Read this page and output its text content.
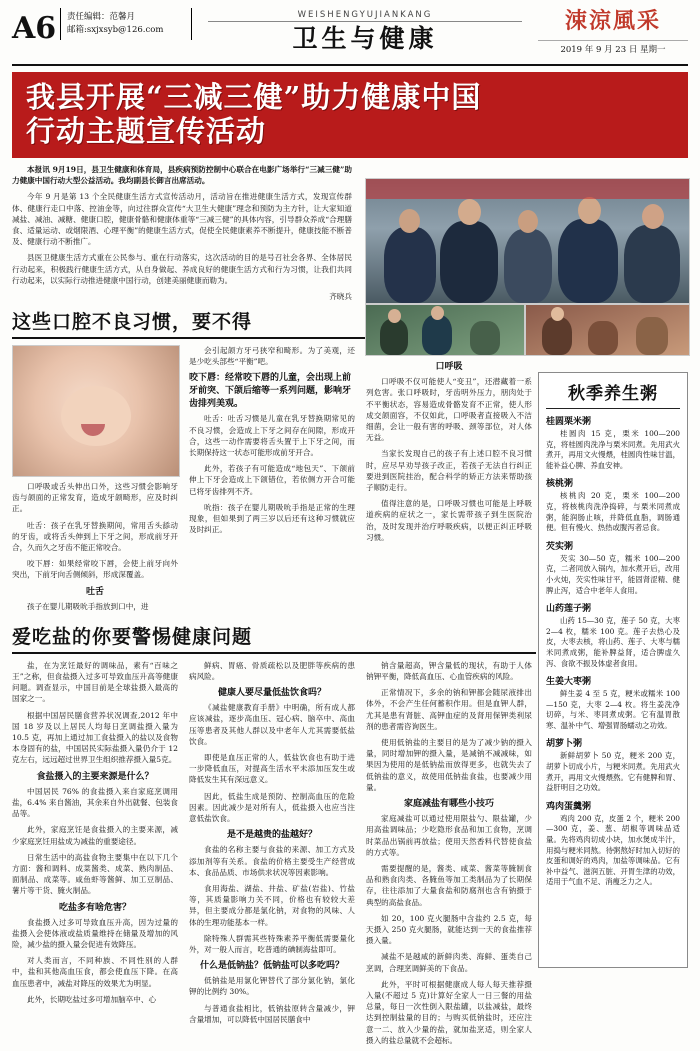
A6	责任编辑：范馨月
邮箱:sxjxsyb@126.com
WEISHENGYUJIANKANG
卫生与健康
涑涼風采
2019 年 9 月 23 日 星期一
我县开展“三减三健”助力健康中国
行动主题宣传活动

本报讯 9月19日，县卫生健康和体育局，县疾病预防控制中心联合在电影广场举行“三减三健”助力健康中国行动大型公益活动。我均副县长御言出席活动。

今年 9 月是第 13 个全民健康生活方式宣传活动月，活动旨在推进健康生活方式，发现宣传群体、健康行走口中落、控油金等，向过往群众宣传“大卫生大健康”理念和预防为主方针，让大家知道减盐、减油、减糖、健康口腔，健康骨骼和健康体重等“三减三健”的具体内容，引导群众养成“合理膳食、适量运动、或烟限酒、心理平衡”的健康生活方式，促使全民健康素养不断提升，健康技能不断普及、健康行动不断推广。

县医卫健康生活方式重在公民参与、重在行动落实，这次活动的目的是号召社会各界、全体居民行动起来，积极践行健康生活方式，从自身做起、养成良好的健康生活方式和行为习惯，让我们共同行动起来，以实际行动推进健康中国行动，创建美丽健康而勒为。

齐晓兵

这些口腔不良习惯，要不得

口呼吸或舌头伸出口外，这些习惯会影响牙齿与颌面的正常发育，造成牙颌畸形，应及时纠正。

吐舌：孩子在乳牙替换期间，常用舌头舔动的牙齿，或将舌头伸到上下牙之间，形成前牙开合，久而久之牙齿不能正常咬合。

咬下唇：如果经常咬下唇，会使上前牙向外突出，下前牙向舌侧倾斜，形成深覆盖。

吐舌

孩子在婴儿期吸吮手指放到口中，进

会引起颌方牙弓狭窄和畸形。为了美观，还是少吃头部些“平衡”吧。

咬下唇：经常咬下唇的儿童，会出现上前牙前突、下颌后缩等一系列问题，影响牙齿排列美观。

吐舌：吐舌习惯是儿童在乳牙替换期常见的不良习惯，会造成上下牙之间存在间隙，形成开合，这些一动作需要将舌头置于上下牙之间，而长期保持这一状态可能形成前牙开合。

此外，若孩子有可能造成“地包天”、下颌前伸上下牙会造成上下颌错位，若依侧方开合可能已将牙齿排列不齐。

吮指：孩子在婴儿期吸吮手指是正常的生理现象，但如果到了两三岁以后还有这种习惯就应及时纠正。

口呼吸

口呼吸不仅可能使人“变丑”，还潜藏着一系列危害。张口呼吸时，牙齿明外压力，朋肉处于不平衡状态，容易造成骨骼发育不正常，使人形成交颌面容，不仅如此，口呼吸者直接吸入不洁细菌，会让一般有害的呼吸、颈等部位，对人体无益。

当家长发现自己的孩子有上述口腔不良习惯时，应尽早劝导孩子改正，若孩子无法自行纠正要进到医院挂治，配合科学的矫正方法来帮助孩子顺防走行。

值得注意的是，口呼吸习惯也可能是上呼吸道疾病的症状之一，家长需带孩子到生医院治治，及时发现并治疗呼吸疾病，以便正纠正呼吸习惯。

爱吃盐的你要警惕健康问题

盐，在为烹饪最好的调味品，素有“百味之王”之称，但食盐摄入过多可导致血压升高等健康问题。调查显示，中国目前是全球盐摄入最高的国家之一。

根据中国居民膳食营养状况调查,2012 年中国 18 岁及以上居民人均每日烹调盐摄入量为 10.5 克，再加上通过加工食盐摄入的盐以及食物本身固有的盐，中国居民实际盐摄入量仍介于 12 克左右，远远超过世界卫生组织推荐摄入量5克。

食盐摄入的主要来源是什么？

中国居民 76% 的食盐摄入来自家庭烹调用盐，6.4% 来自酱油，其余来自外出就餐、包装食品等。

此外，家庭烹饪是食盐摄入的主要来源，减少家庭烹饪用盐成为减盐的重要途径。

日常生活中的高盐食物主要集中在以下几个方面：酱和调料、成菜酱类、成菜、熟肉制品、面制品、成菜等。咸鱼虾等酱鲜、加工豆制品、薯片等干货、腌火制品。

吃盐多有啥危害？

食盐摄入过多可导致血压升高，因为过量的盐摄入会使体液或盐质量维持在储量及增加的风险，减少盐的摄入量会促进有效降压。

对人类而言，不同种族、不同性别的人群中，盐和其他高血压食，都会使血压下降。在高血压患者中，减盐对降压的效果尤为明显。

此外，长期吃盐过多可增加脑卒中、心

鲜病、胃癌、骨质疏松以及肥胖等疾病的患病风险。

健康人要尽量低盐饮食吗？

《减盐健康教育手册》中明确，所有成人都应该减盐，逐步高血压、冠心病、脑卒中、高血压等患者及其他人群以及中老年人尤其需要低盐饮食。

即使是血压正常的人，低盐饮食也有助于进一步降低血压，对提高生活水平未添加压发生或降低发生其有深远意义。

因此，低盐生成是预防、控制高血压的危险因素。因此减少是对所有人，低盐摄入也应当注意低盐饮食。

是不是越贵的盐越好？

食盐的名称主要与食盐的来源、加工方式及添加剂等有关系。食盐的价格主要受生产经营成本、食品品质、市场供求状况等因素影响。

食用海盐、湖盐、井盐、矿盐(岩盐)、竹盐等，其质量影响力关不同，价格也有较较大差异，但主要成分都是氯化钠，对食物的风味、人体的生理功能基本一样。

除特殊人群需其些特殊素养平衡低需要量化外，对一般人而言，吃普通的碘制海盐即可。

什么是低钠盐？低钠盐可以多吃吗？

低钠盐是用氯化钾替代了部分氯化钠，氯化钾的比例约 30%。

与普通食盐相比，低钠盐原转含量减少，钾含量增加，可以降低中国居民膳食中

钠含量超高，钾含量低的现状，有助于人体钠钾平衡，降低高血压、心血管疾病的风险。

正常情况下，多余的钠和钾都会随尿液排出体外，不会产生任何蓄积作用。但是血钾人群，尤其是患有肾脏、高钾血症的及肾用保钾类利尿剂的患者需咨询医生。

使用低钠盐的主要目的是为了减少钠的摄入量，同时增加钾的摄入量，是减钠不减减味，如果因为使用的是低钠盐而放得更多，也就失去了低钠盐的意义，故使用低钠盐食盐，也要减少用量。

家庭减盐有哪些小技巧

家庭减盐可以通过使用限盐勺、限盐罐，少用高盐调味品；少吃隐形食品和加工食物，烹调时菜品出锅前再放盐；使用天然香料代替使食盐的方式等。

需要提醒的是，酱类、咸菜、酱菜等腌制食品和熟食肉类、各腌鱼等加工类制品为了长期保存，往往添加了大量食盐和防腐剂也含有钠摄于典型的高盐食品。

如 20，100 克火腿肠中含盐约 2.5 克，每天摄入 250 克火腿肠，就能达到一天的食盐推荐摄入量。

减盐不是越咸的新鲜肉类、海鲜、蛋类自己烹调，合理烹调鲜美的下食品。

此外，平时可根据健康成人每人每天推荐摄入量(不超过 5 克)计算好全家人一日三餐的用盐总量，每日一次性倒入限盐罐，以盐减盐，最终达到控制盐量的目的；与购买低钠盐时，还应注意一二、放入少量的盐，就加盐烹适，则全家人摄入的盐总量就不会超标。

秋季养生粥
桂圆栗米粥

桂圆肉 15 克，栗米 100—200 克，将桂圆肉洗净与栗米同煮。先用武火煮开，再用文火慢煨，桂圆肉性味甘温，能补益心脾、养血安神。

核桃粥

核桃肉 20 克，栗米 100—200 克，将核桃肉洗净捣碎，与栗米同煮成粥，能润肠止咳，并降低血脂，调肠通便。但有慢火、热热或腹泻者忌食。

芡实粥

芡实 30—50 克，糯米 100—200 克，二者同放入锅内，加水煮开后，改用小火炖，芡实性味甘平，能固肾涩精、健脾止泻，适合中老年人食用。

山药莲子粥

山药 15—30 克，莲子 50 克，大枣 2—4 枚，糯米 100 克。莲子去热心及皮，大枣去核，将山药、莲子、大枣与糯米同煮成粥，能补脾益肾，适合脾虚久泻、食欲不振及体虚者食用。

生姜大枣粥

鲜生姜 4 至 5 克，粳米或糯米 100—150 克，大枣 2—4 枚。将生姜洗净切碎，与米、枣同煮成粥。它有温胃散寒、温补中气、增强胃肠蠕动之功效。

胡萝卜粥

新鲜胡萝卜 50 克，粳米 200 克，胡萝卜切成小片，与粳米同煮。先用武火煮开，再用文火慢煨熬。它有健脾和胃、益肝明目之功效。

鸡肉蛋羹粥

鸡肉 200 克，皮蛋 2 个，粳米 200—300 克，姜、葱、胡椒等调味品适量。先将鸡肉切成小块，加水煲成半汁，用捣与粳米同熬。待粥熬好时加入切好的皮蛋和调好的鸡肉，加盐等调味品。它有补中益气、滋润五脏、开胃生津的功效，适用于气血不足、消瘦乏力之人。
